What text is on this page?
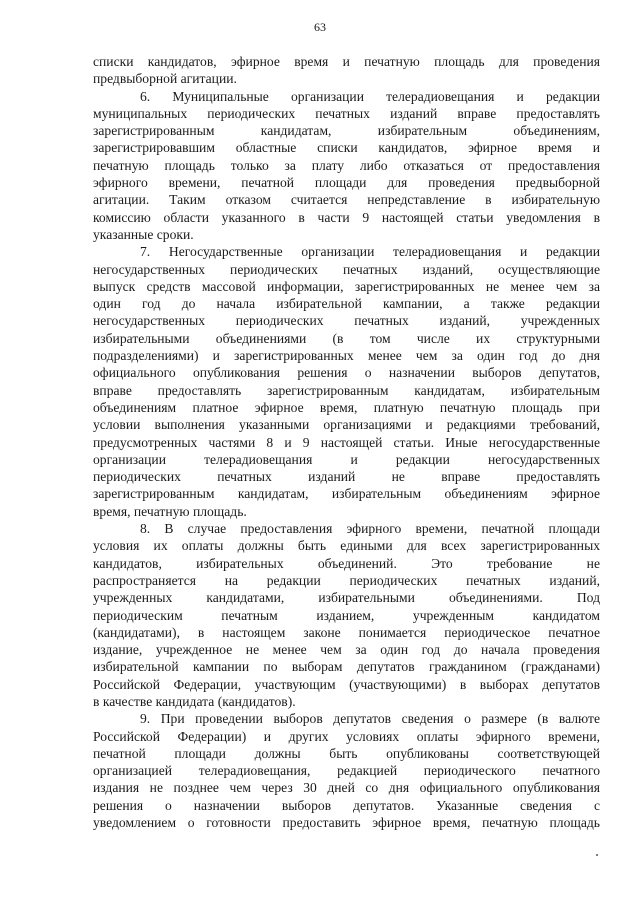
63
списки кандидатов, эфирное время и печатную площадь для проведения
предвыборной агитации.
6. Муниципальные организации телерадиовещания и редакции
муниципальных периодических печатных изданий вправе предоставлять
зарегистрированным кандидатам, избирательным объединениям,
зарегистрировавшим областные списки кандидатов, эфирное время и
печатную площадь только за плату либо отказаться от предоставления
эфирного времени, печатной площади для проведения предвыборной
агитации. Таким отказом считается непредставление в избирательную
комиссию области указанного в части 9 настоящей статьи уведомления в
указанные сроки.
7. Негосударственные организации телерадиовещания и редакции
негосударственных периодических печатных изданий, осуществляющие
выпуск средств массовой информации, зарегистрированных не менее чем за
один год до начала избирательной кампании, а также редакции
негосударственных периодических печатных изданий, учрежденных
избирательными объединениями (в том числе их структурными
подразделениями) и зарегистрированных менее чем за один год до дня
официального опубликования решения о назначении выборов депутатов,
вправе предоставлять зарегистрированным кандидатам, избирательным
объединениям платное эфирное время, платную печатную площадь при
условии выполнения указанными организациями и редакциями требований,
предусмотренных частями 8 и 9 настоящей статьи. Иные негосударственные
организации телерадиовещания и редакции негосударственных
периодических печатных изданий не вправе предоставлять
зарегистрированным кандидатам, избирательным объединениям эфирное
время, печатную площадь.
8. В случае предоставления эфирного времени, печатной площади
условия их оплаты должны быть едиными для всех зарегистрированных
кандидатов, избирательных объединений. Это требование не
распространяется на редакции периодических печатных изданий,
учрежденных кандидатами, избирательными объединениями. Под
периодическим печатным изданием, учрежденным кандидатом
(кандидатами), в настоящем законе понимается периодическое печатное
издание, учрежденное не менее чем за один год до начала проведения
избирательной кампании по выборам депутатов гражданином (гражданами)
Российской Федерации, участвующим (участвующими) в выборах депутатов
в качестве кандидата (кандидатов).
9. При проведении выборов депутатов сведения о размере (в валюте
Российской Федерации) и других условиях оплаты эфирного времени,
печатной площади должны быть опубликованы соответствующей
организацией телерадиовещания, редакцией периодического печатного
издания не позднее чем через 30 дней со дня официального опубликования
решения о назначении выборов депутатов. Указанные сведения с
уведомлением о готовности предоставить эфирное время, печатную площадь
